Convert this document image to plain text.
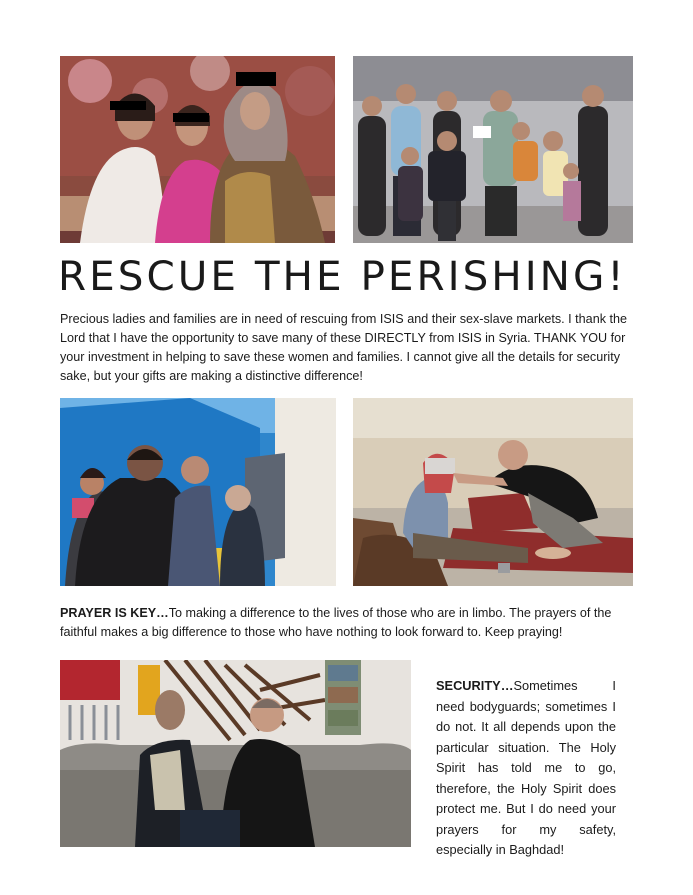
RESCUE THE PERISHING!

Precious ladies and families are in need of rescuing from ISIS and their sex-slave markets. I thank the Lord that I have the opportunity to save many of these DIRECTLY from ISIS in Syria. THANK YOU for your investment in helping to save these women and families. I cannot give all the details for security sake, but your gifts are making a distinctive difference!

PRAYER IS KEY…To making a difference to the lives of those who are in limbo. The prayers of the faithful makes a big difference to those who have nothing to look forward to. Keep praying!

SECURITY…Sometimes I need bodyguards; sometimes I do not. It all depends upon the particular situation. The Holy Spirit has told me to go, therefore, the Holy Spirit does protect me. But I do need your prayers for my safety, especially in Baghdad!
